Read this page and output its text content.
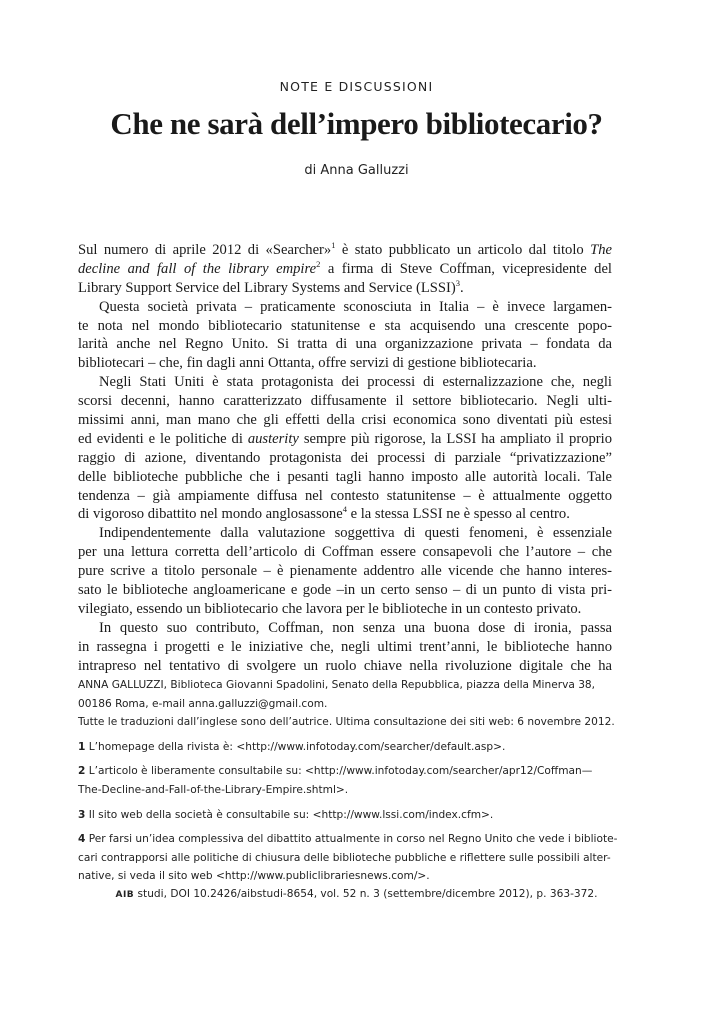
NOTE E DISCUSSIONI
Che ne sarà dell’impero bibliotecario?
di Anna Galluzzi
Sul numero di aprile 2012 di «Searcher»$^1$ è stato pubblicato un articolo dal titolo The
decline and fall of the library empire$^2$ a firma di Steve Coffman, vicepresidente del
Library Support Service del Library Systems and Service (LSSI)$^3$.
Questa società privata – praticamente sconosciuta in Italia – è invece largamen-
te nota nel mondo bibliotecario statunitense e sta acquisendo una crescente popo-
larità anche nel Regno Unito. Si tratta di una organizzazione privata – fondata da
bibliotecari – che, fin dagli anni Ottanta, offre servizi di gestione bibliotecaria.
Negli Stati Uniti è stata protagonista dei processi di esternalizzazione che, negli
scorsi decenni, hanno caratterizzato diffusamente il settore bibliotecario. Negli ulti-
missimi anni, man mano che gli effetti della crisi economica sono diventati più estesi
ed evidenti e le politiche di austerity sempre più rigorose, la LSSI ha ampliato il proprio
raggio di azione, diventando protagonista dei processi di parziale “privatizzazione”
delle biblioteche pubbliche che i pesanti tagli hanno imposto alle autorità locali. Tale
tendenza – già ampiamente diffusa nel contesto statunitense – è attualmente oggetto
di vigoroso dibattito nel mondo anglosassone$^4$ e la stessa LSSI ne è spesso al centro.
Indipendentemente dalla valutazione soggettiva di questi fenomeni, è essenziale
per una lettura corretta dell’articolo di Coffman essere consapevoli che l’autore – che
pure scrive a titolo personale – è pienamente addentro alle vicende che hanno interes-
sato le biblioteche angloamericane e gode –in un certo senso – di un punto di vista pri-
vilegiato, essendo un bibliotecario che lavora per le biblioteche in un contesto privato.
In questo suo contributo, Coffman, non senza una buona dose di ironia, passa
in rassegna i progetti e le iniziative che, negli ultimi trent’anni, le biblioteche hanno
intrapreso nel tentativo di svolgere un ruolo chiave nella rivoluzione digitale che ha
ANNA GALLUZZI, Biblioteca Giovanni Spadolini, Senato della Repubblica, piazza della Minerva 38,
00186 Roma, e-mail anna.galluzzi@gmail.com.
Tutte le traduzioni dall’inglese sono dell’autrice. Ultima consultazione dei siti web: 6 novembre 2012.
1 L’homepage della rivista è: <http://www.infotoday.com/searcher/default.asp>.
2 L’articolo è liberamente consultabile su: <http://www.infotoday.com/searcher/apr12/Coffman—
The-Decline-and-Fall-of-the-Library-Empire.shtml>.
3 Il sito web della società è consultabile su: <http://www.lssi.com/index.cfm>.
4 Per farsi un’idea complessiva del dibattito attualmente in corso nel Regno Unito che vede i bibliote-
cari contrapporsi alle politiche di chiusura delle biblioteche pubbliche e riflettere sulle possibili alter-
native, si veda il sito web <http://www.publiclibrariesnews.com/>.
AIB studi, DOI 10.2426/aibstudi-8654, vol. 52 n. 3 (settembre/dicembre 2012), p. 363-372.
